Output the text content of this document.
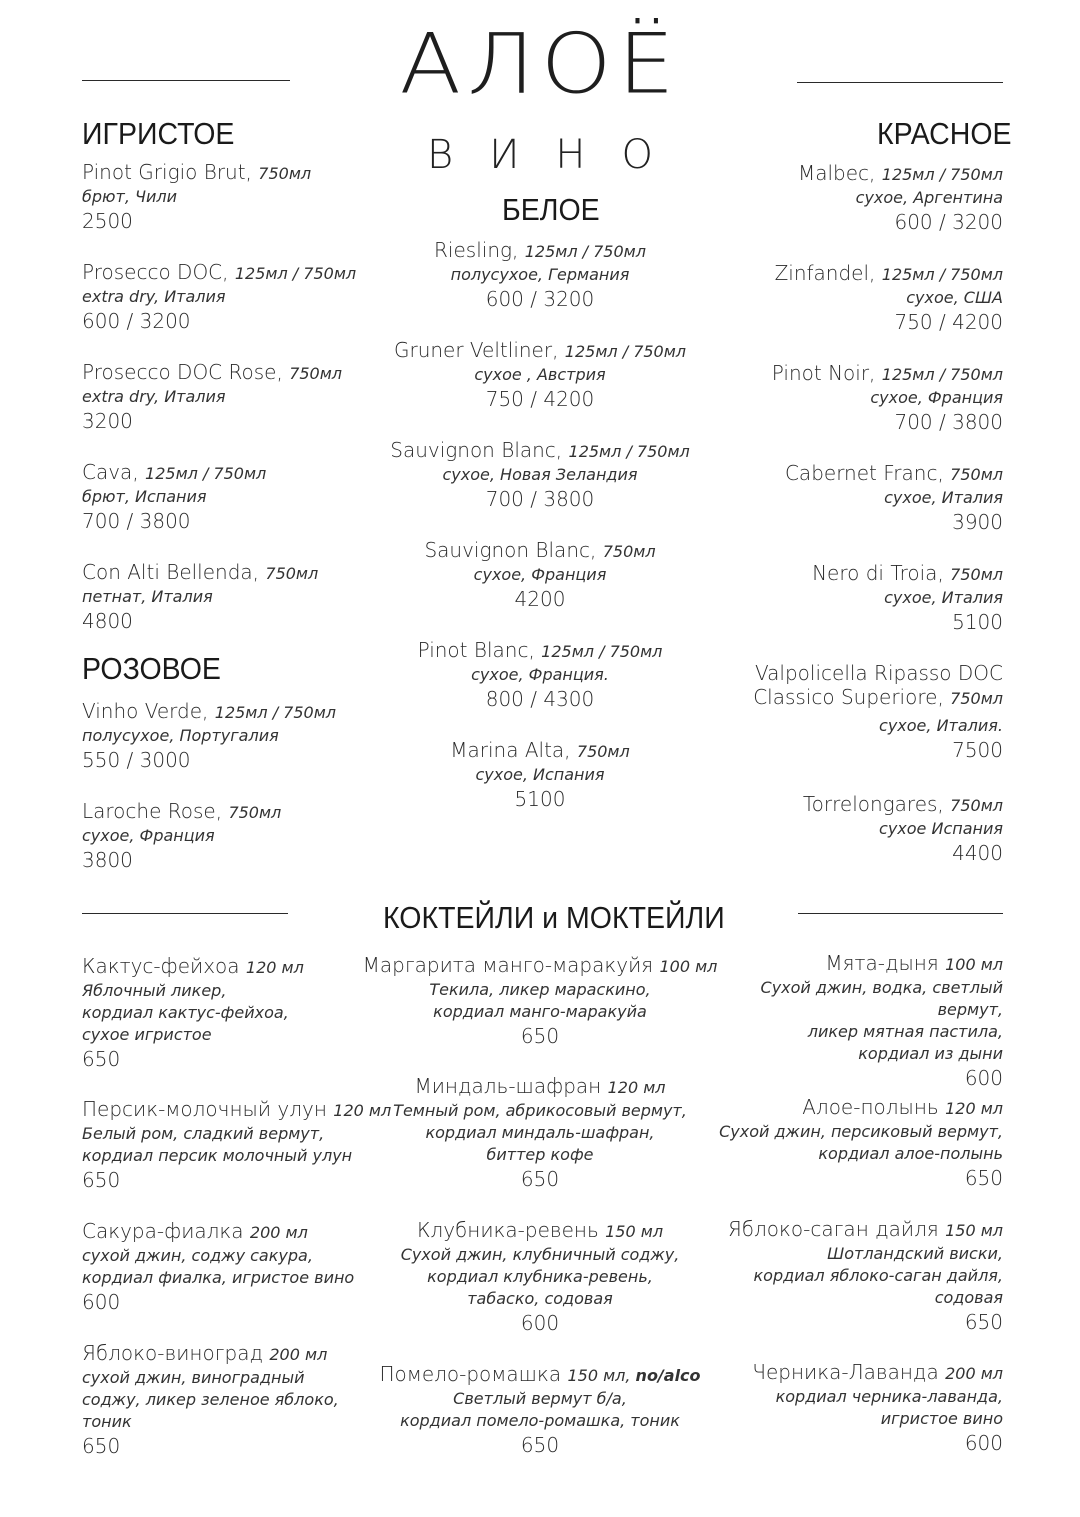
АЛОЁ
ВИНО
ИГРИСТОЕ
РОЗОВОЕ
БЕЛОЕ
КРАСНОЕ
КОКТЕЙЛИ и МОКТЕЙЛИ
Pinot Grigio Brut, 750мл
брют, Чили
2500
Prosecco DOC, 125мл / 750мл
extra dry, Италия
600 / 3200
Prosecco DOC Rose, 750мл
extra dry, Италия
3200
Cava, 125мл / 750мл
брют, Испания
700 / 3800
Con Alti Bellenda, 750мл
петнат, Италия
4800
Vinho Verde, 125мл / 750мл
полусухое, Португалия
550 / 3000
Laroche Rose, 750мл
сухое, Франция
3800
Riesling, 125мл / 750мл
полусухое, Германия
600 / 3200
Gruner Veltliner, 125мл / 750мл
сухое , Австрия
750 / 4200
Sauvignon Blanc, 125мл / 750мл
сухое, Новая Зеландия
700 / 3800
Sauvignon Blanc, 750мл
сухое, Франция
4200
Pinot Blanc, 125мл / 750мл
сухое, Франция.
800 / 4300
Marina Alta, 750мл
сухое, Испания
5100
Malbec, 125мл / 750мл
сухое, Аргентина
600 / 3200
Zinfandel, 125мл / 750мл
сухое, США
750 / 4200
Pinot Noir, 125мл / 750мл
сухое, Франция
700 / 3800
Cabernet Franc, 750мл
сухое, Италия
3900
Nero di Troia, 750мл
сухое, Италия
5100
Valpolicella Ripasso DOC
Classico Superiore, 750мл
сухое, Италия.
7500
Torrelongares, 750мл
сухое Испания
4400
Кактус-фейхоа 120 мл
Яблочный ликер,
кордиал кактус-фейхоа,
сухое игристое
650
Персик-молочный улун 120 мл
Белый ром, сладкий вермут,
кордиал персик молочный улун
650
Сакура-фиалка 200 мл
сухой джин, соджу сакура,
кордиал фиалка, игристое вино
600
Яблоко-виноград 200 мл
сухой джин, виноградный
соджу, ликер зеленое яблоко,
тоник
650
Маргарита манго-маракуйя 100 мл
Текила, ликер мараскино,
кордиал манго-маракуйа
650
Миндаль-шафран 120 мл
Темный ром, абрикосовый вермут,
кордиал миндаль-шафран,
биттер кофе
650
Клубника-ревень 150 мл
Сухой джин, клубничный соджу,
кордиал клубника-ревень,
табаско, содовая
600
Помело-ромашка 150 мл, no/alco
Светлый вермут б/а,
кордиал помело-ромашка, тоник
650
Мята-дыня 100 мл
Сухой джин, водка, светлый вермут,
ликер мятная пастила,
кордиал из дыни
600
Алое-полынь 120 мл
Сухой джин, персиковый вермут,
кордиал алое-полынь
650
Яблоко-саган дайля 150 мл
Шотландский виски,
кордиал яблоко-саган дайля,
содовая
650
Черника-Лаванда 200 мл
кордиал черника-лаванда,
игристое вино
600
